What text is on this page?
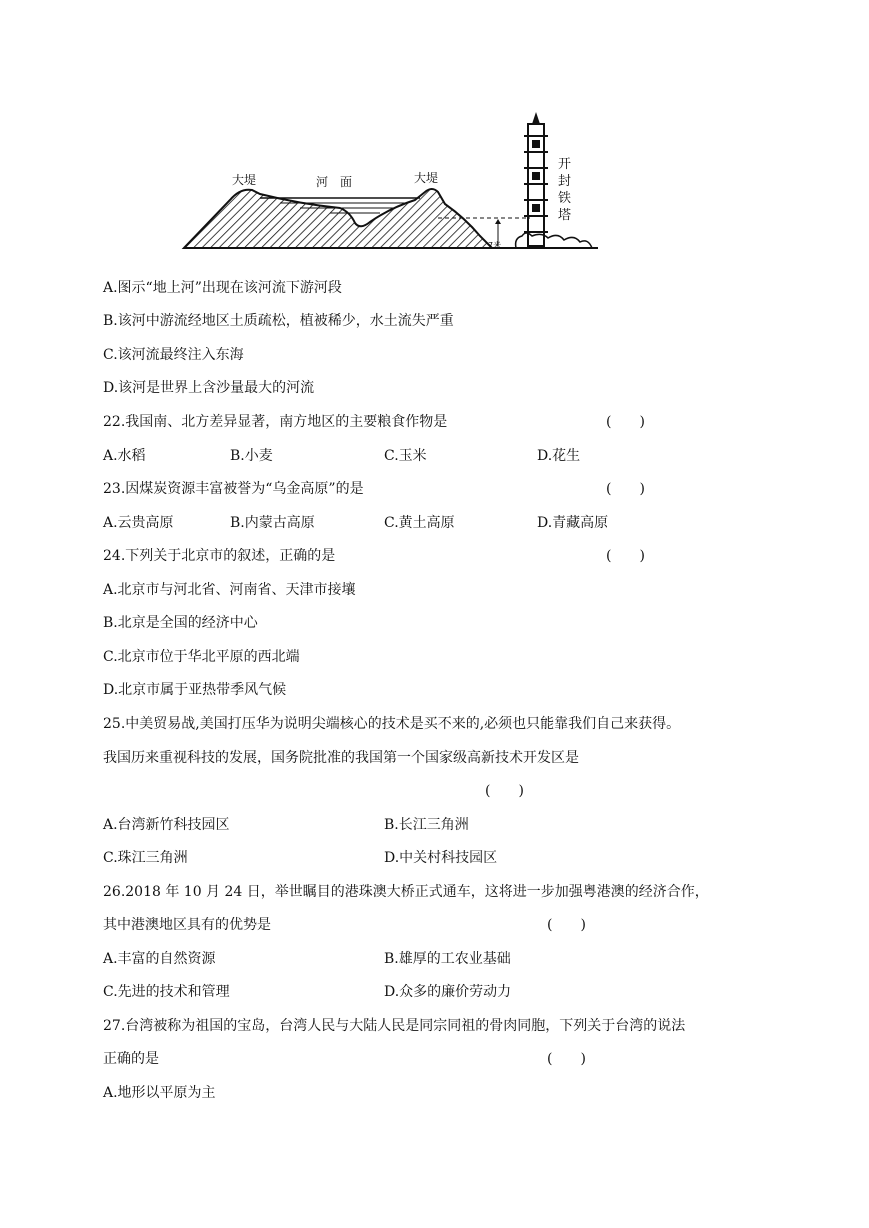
大堤	河　面	大堤
7米
开
封
铁
塔
A.图示“地上河”出现在该河流下游河段
B.该河中游流经地区土质疏松，植被稀少，水土流失严重
C.该河流最终注入东海
D.该河是世界上含沙量最大的河流
22.我国南、北方差异显著，南方地区的主要粮食作物是	(　　)
A.水稻	B.小麦	C.玉米	D.花生
23.因煤炭资源丰富被誉为“乌金高原”的是	(　　)
A.云贵高原	B.内蒙古高原	C.黄土高原	D.青藏高原
24.下列关于北京市的叙述，正确的是	(　　)
A.北京市与河北省、河南省、天津市接壤
B.北京是全国的经济中心
C.北京市位于华北平原的西北端
D.北京市属于亚热带季风气候
25.中美贸易战,美国打压华为说明尖端核心的技术是买不来的,必须也只能靠我们自己来获得。
我国历来重视科技的发展，国务院批准的我国第一个国家级高新技术开发区是
(　　)
A.台湾新竹科技园区	B.长江三角洲
C.珠江三角洲	D.中关村科技园区
26.2018 年 10 月 24 日，举世瞩目的港珠澳大桥正式通车，这将进一步加强粤港澳的经济合作，
其中港澳地区具有的优势是	(　　)
A.丰富的自然资源	B.雄厚的工农业基础
C.先进的技术和管理	D.众多的廉价劳动力
27.台湾被称为祖国的宝岛，台湾人民与大陆人民是同宗同祖的骨肉同胞，下列关于台湾的说法
正确的是	(　　)
A.地形以平原为主
